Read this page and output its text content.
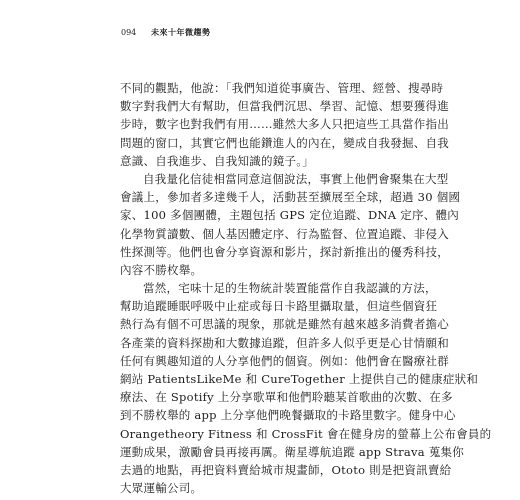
094 未來十年微趨勢
不同的觀點，他說：「我們知道從事廣告、管理、經營、搜尋時
數字對我們大有幫助，但當我們沉思、學習、記憶、想要獲得進
步時，數字也對我們有用……雖然大多人只把這些工具當作指出
問題的窗口，其實它們也能鑽進人的內在，變成自我發掘、自我
意識、自我進步、自我知識的鏡子。」
自我量化信徒相當同意這個說法，事實上他們會聚集在大型
會議上，參加者多達幾千人，活動甚至擴展至全球，超過 30 個國
家、100 多個團體，主題包括 GPS 定位追蹤、DNA 定序、體內
化學物質讀數、個人基因體定序、行為監督、位置追蹤、非侵入
性探測等。他們也會分享資源和影片，探討新推出的優秀科技，
內容不勝枚舉。
當然，宅味十足的生物統計裝置能當作自我認識的方法，
幫助追蹤睡眠呼吸中止症或每日卡路里攝取量，但這些個資狂
熱行為有個不可思議的現象，那就是雖然有越來越多消費者擔心
各產業的資料探勘和大數據追蹤，但許多人似乎更是心甘情願和
任何有興趣知道的人分享他們的個資。例如：他們會在醫療社群
網站 PatientsLikeMe 和 CureTogether 上提供自己的健康症狀和
療法、在 Spotify 上分享歌單和他們聆聽某首歌曲的次數、在多
到不勝枚舉的 app 上分享他們晚餐攝取的卡路里數字。健身中心
Orangetheory Fitness 和 CrossFit 會在健身房的螢幕上公布會員的
運動成果，激勵會員再接再厲。衛星導航追蹤 app Strava 蒐集你
去過的地點，再把資料賣給城市規畫師，Ototo 則是把資訊賣給
大眾運輸公司。
